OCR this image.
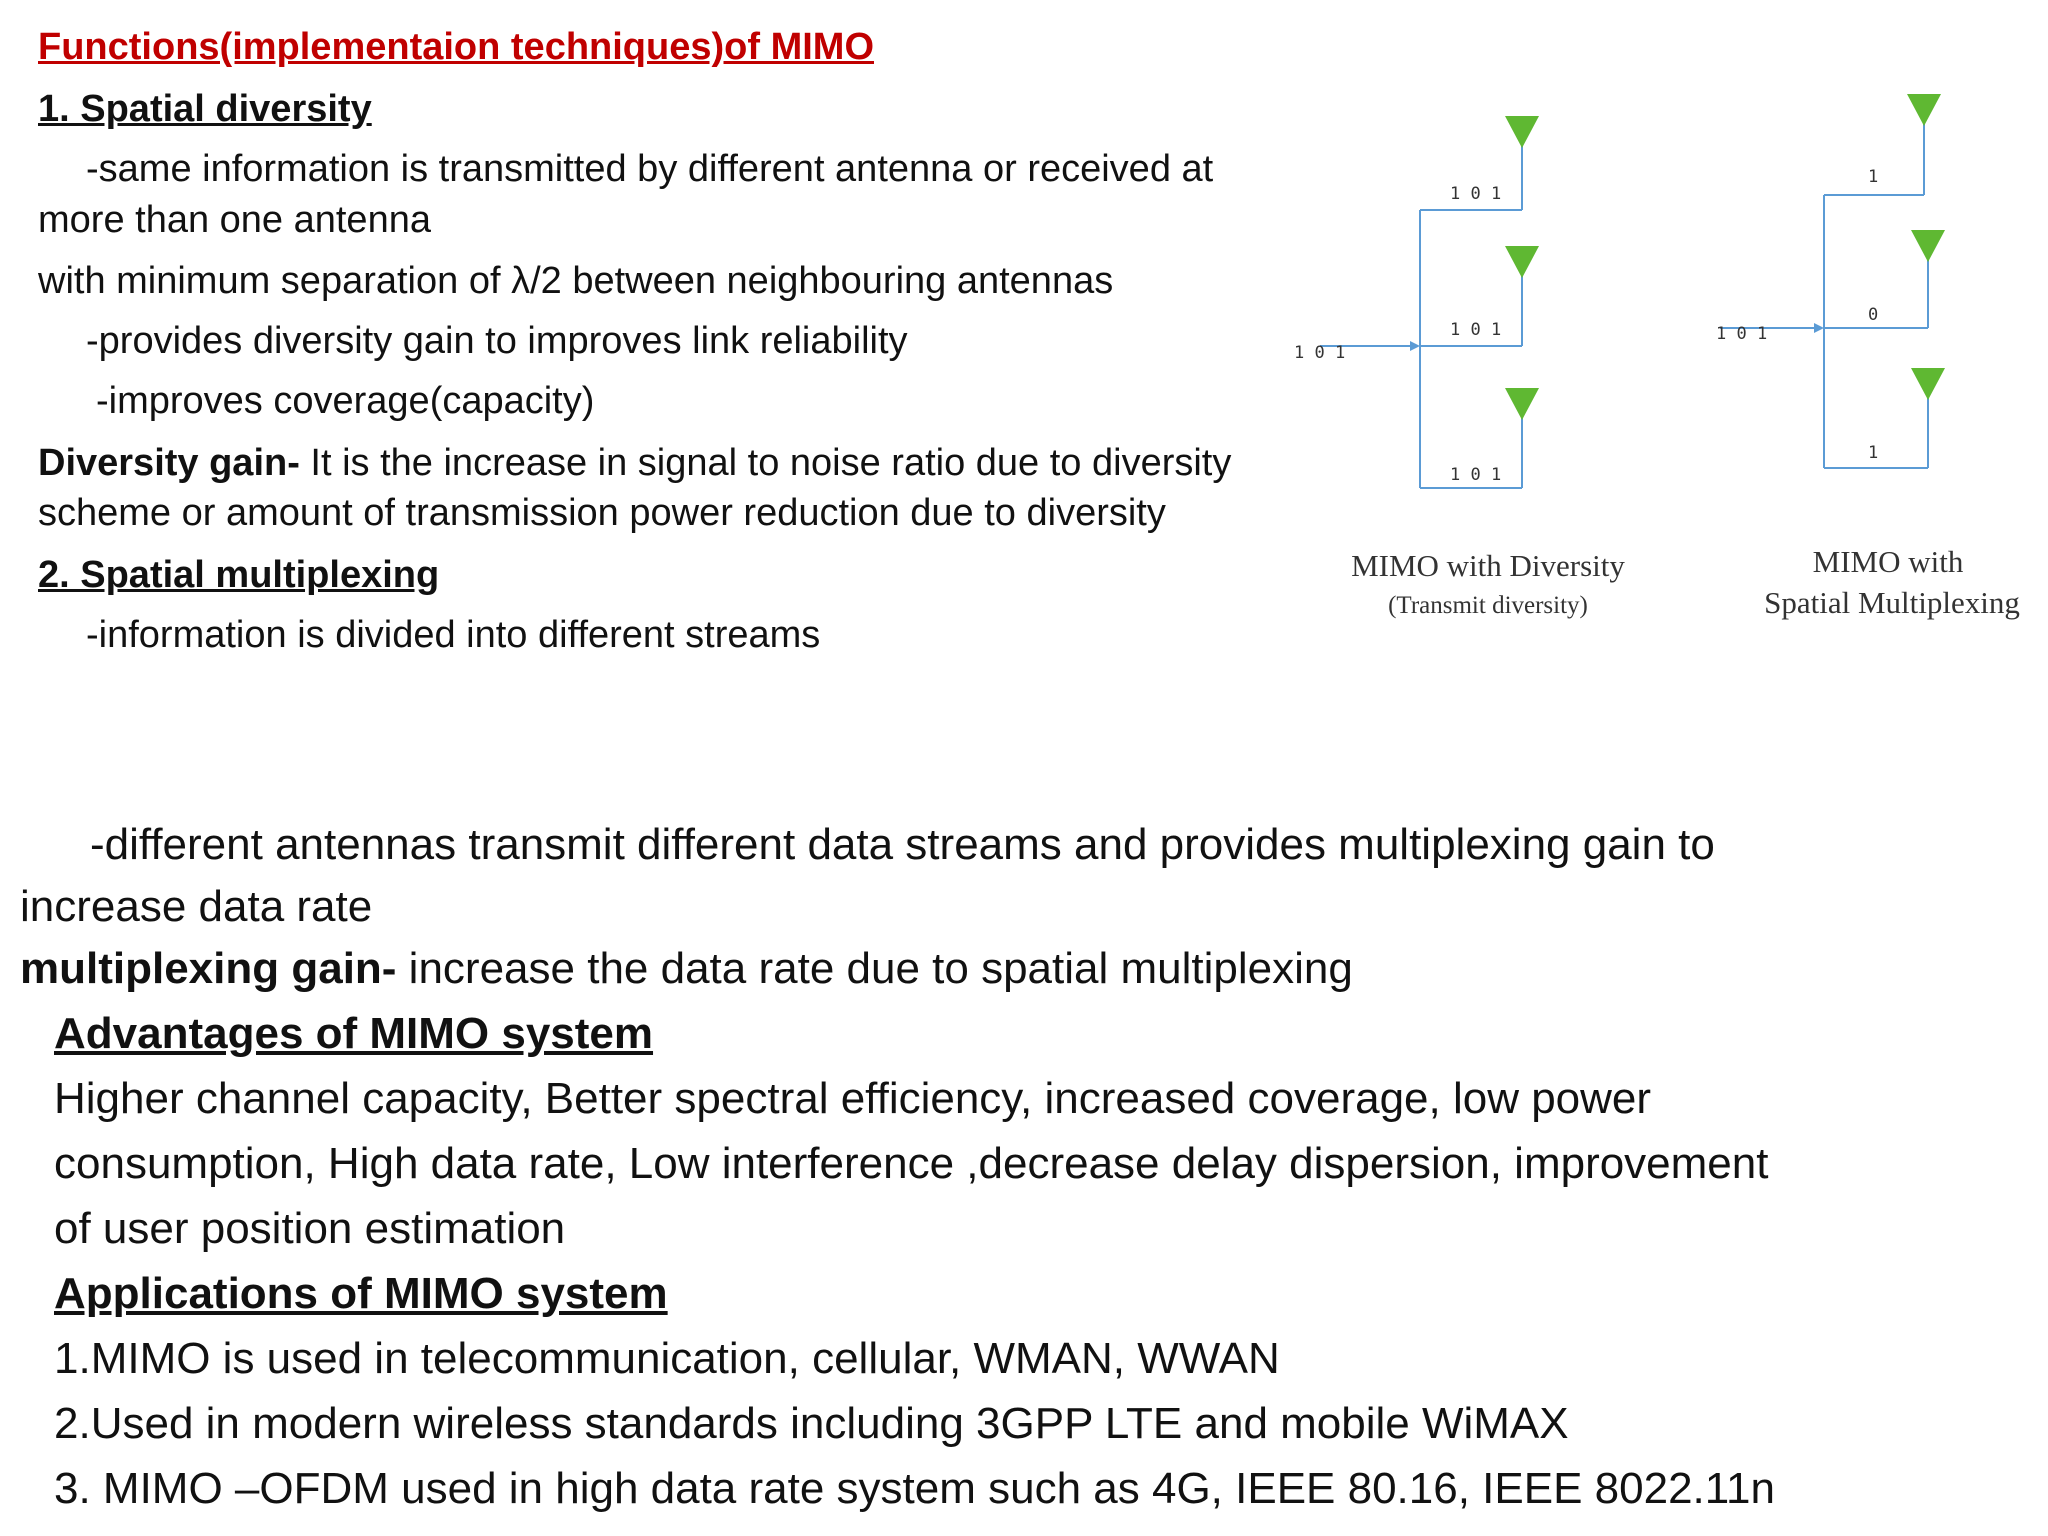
Functions(implementaion techniques)of MIMO
1. Spatial diversity
-same information is transmitted by different antenna or received at
more than one antenna
with minimum separation of λ/2 between neighbouring antennas
-provides diversity gain to improves link reliability
-improves coverage(capacity)
Diversity gain- It is the increase in signal to noise ratio due to diversity
scheme or amount of transmission power reduction due to diversity
2. Spatial multiplexing
-information is divided into different streams
-different antennas transmit different data streams and provides multiplexing gain to
increase data rate
multiplexing gain- increase the data rate due to spatial multiplexing
Advantages of MIMO system
Higher channel capacity, Better spectral efficiency, increased coverage, low power
consumption, High data rate, Low interference ,decrease delay dispersion, improvement
of user position estimation
Applications of MIMO system
1.MIMO is used in telecommunication, cellular, WMAN, WWAN
2.Used in modern wireless standards including 3GPP LTE and mobile WiMAX
3. MIMO –OFDM used in high data rate system such as 4G, IEEE 80.16, IEEE 8022.11n
1 0 1
1 0 1
1 0 1
1 0 1
MIMO with Diversity
(Transmit diversity)
1 0 1
1
0
1
MIMO with
Spatial Multiplexing
